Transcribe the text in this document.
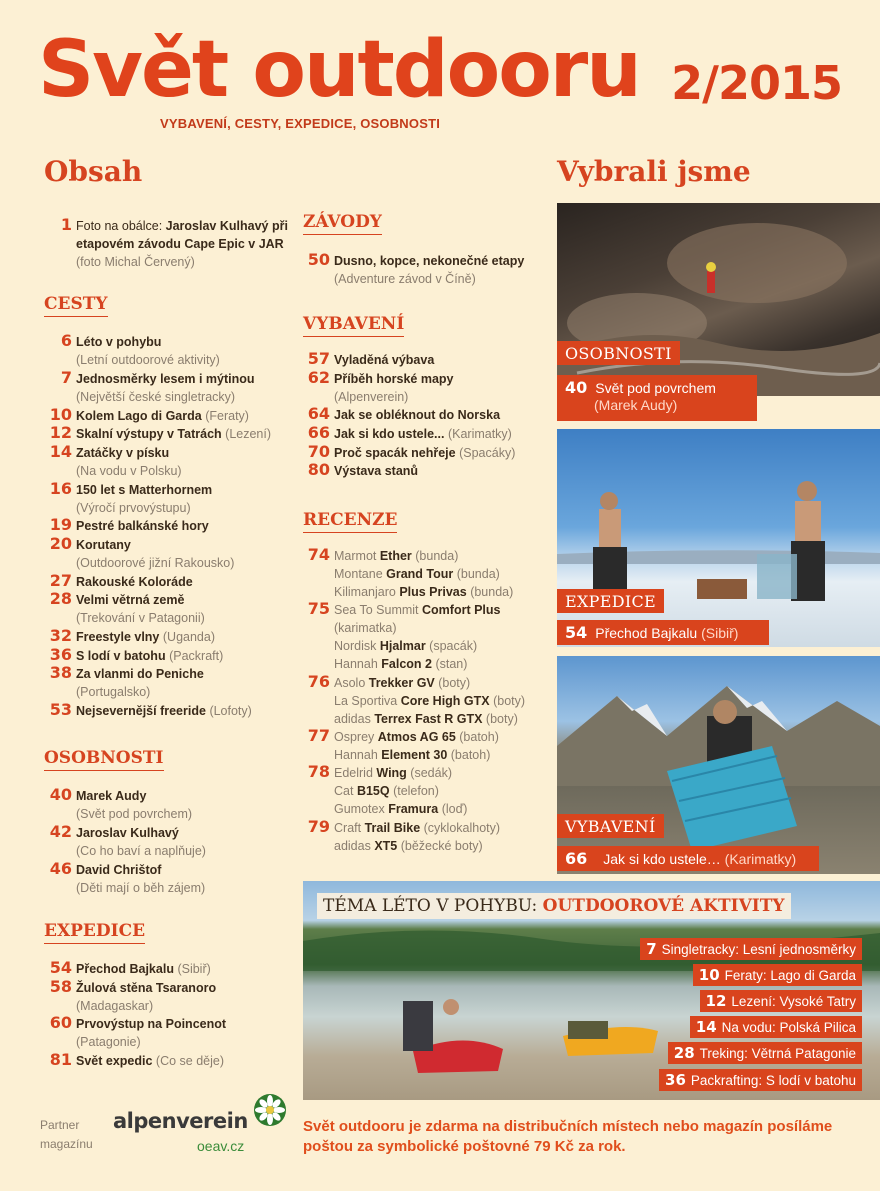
Svět outdooru
VYBAVENÍ, CESTY, EXPEDICE, OSOBNOSTI
2/2015
Obsah	Vybrali jsme
1 Foto na obálce: Jaroslav Kulhavý při etapovém závodu Cape Epic v JAR (foto Michal Červený)
CESTY
6 Léto v pohybu
(Letní outdoorové aktivity)
7 Jednosměrky lesem i mýtinou
(Největší české singletracky)
10 Kolem Lago di Garda (Feraty)
12 Skalní výstupy v Tatrách (Lezení)
14 Zatáčky v písku
(Na vodu v Polsku)
16 150 let s Matterhornem
(Výročí prvovýstupu)
19 Pestré balkánské hory
20 Korutany
(Outdoorové jižní Rakousko)
27 Rakouské Koloráde
28 Velmi větrná země
(Trekování v Patagonii)
32 Freestyle vlny (Uganda)
36 S lodí v batohu (Packraft)
38 Za vlanmi do Peniche
(Portugalsko)
53 Nejsevernější freeride (Lofoty)
OSOBNOSTI
40 Marek Audy
(Svět pod povrchem)
42 Jaroslav Kulhavý
(Co ho baví a naplňuje)
46 David Chrištof
(Děti mají o běh zájem)
EXPEDICE
54 Přechod Bajkalu (Sibiř)
58 Žulová stěna Tsaranoro
(Madagaskar)
60 Prvovýstup na Poincenot
(Patagonie)
81 Svět expedic (Co se děje)
ZÁVODY
50 Dusno, kopce, nekonečné etapy
(Adventure závod v Číně)
VYBAVENÍ
57 Vyladěná výbava
62 Příběh horské mapy
(Alpenverein)
64 Jak se obléknout do Norska
66 Jak si kdo ustele... (Karimatky)
70 Proč spacák nehřeje (Spacáky)
80 Výstava stanů
RECENZE
74 Marmot Ether (bunda)
Montane Grand Tour (bunda)
Kilimanjaro Plus Privas (bunda)
75 Sea To Summit Comfort Plus
(karimatka)
Nordisk Hjalmar (spacák)
Hannah Falcon 2 (stan)
76 Asolo Trekker GV (boty)
La Sportiva Core High GTX (boty)
adidas Terrex Fast R GTX (boty)
77 Osprey Atmos AG 65 (batoh)
Hannah Element 30 (batoh)
78 Edelrid Wing (sedák)
Cat B15Q (telefon)
Gumotex Framura (loď)
79 Craft Trail Bike (cyklokalhoty)
adidas XT5 (běžecké boty)
OSOBNOSTI
40 Svět pod povrchem
(Marek Audy)
EXPEDICE
54 Přechod Bajkalu (Sibiř)
VYBAVENÍ
66 Jak si kdo ustele… (Karimatky)
TÉMA LÉTO V POHYBU: OUTDOOROVÉ AKTIVITY
7 Singletracky: Lesní jednosměrky
10 Feraty: Lago di Garda
12 Lezení: Vysoké Tatry
14 Na vodu: Polská Pilica
28 Treking: Větrná Patagonie
36 Packrafting: S lodí v batohu
Partner
magazínu
alpenverein
oeav.cz
Svět outdooru je zdarma na distribučních místech nebo magazín posíláme poštou za symbolické poštovné 79 Kč za rok.
